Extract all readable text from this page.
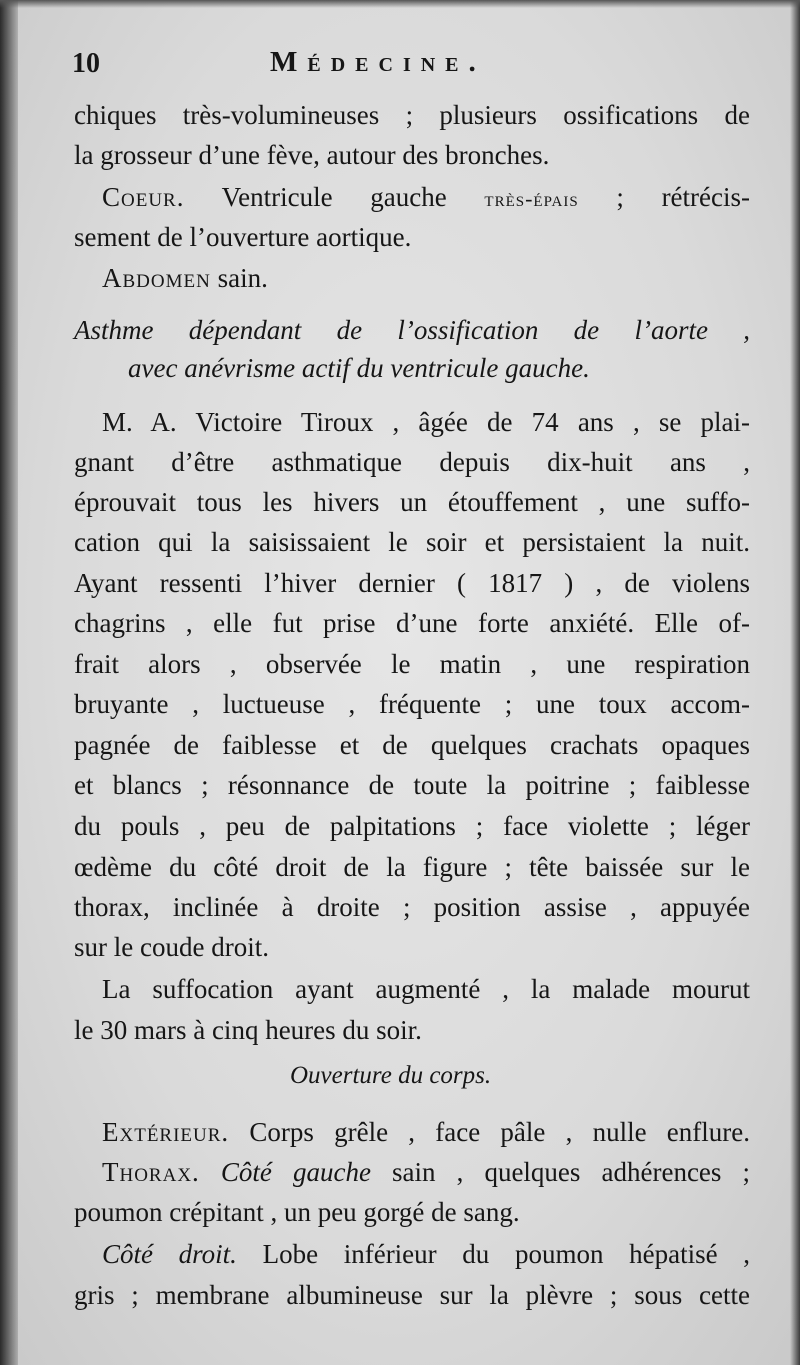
10	Médecine.
chiques très-volumineuses ; plusieurs ossifications de
la grosseur d’une fève, autour des bronches.
Coeur. Ventricule gauche très-épais ; rétrécis-
sement de l’ouverture aortique.
Abdomen sain.
Asthme dépendant de l’ossification de l’aorte ,
avec anévrisme actif du ventricule gauche.
M. A. Victoire Tiroux , âgée de 74 ans , se plai-
gnant d’être asthmatique depuis dix-huit ans ,
éprouvait tous les hivers un étouffement , une suffo-
cation qui la saisissaient le soir et persistaient la nuit.
Ayant ressenti l’hiver dernier ( 1817 ) , de violens
chagrins , elle fut prise d’une forte anxiété. Elle of-
frait alors , observée le matin , une respiration
bruyante , luctueuse , fréquente ; une toux accom-
pagnée de faiblesse et de quelques crachats opaques
et blancs ; résonnance de toute la poitrine ; faiblesse
du pouls , peu de palpitations ; face violette ; léger
œdème du côté droit de la figure ; tête baissée sur le
thorax, inclinée à droite ; position assise , appuyée
sur le coude droit.
La suffocation ayant augmenté , la malade mourut
le 30 mars à cinq heures du soir.
Ouverture du corps.
Extérieur. Corps grêle , face pâle , nulle enflure.
Thorax. Côté gauche sain , quelques adhérences ;
poumon crépitant , un peu gorgé de sang.
Côté droit. Lobe inférieur du poumon hépatisé ,
gris ; membrane albumineuse sur la plèvre ; sous cette
